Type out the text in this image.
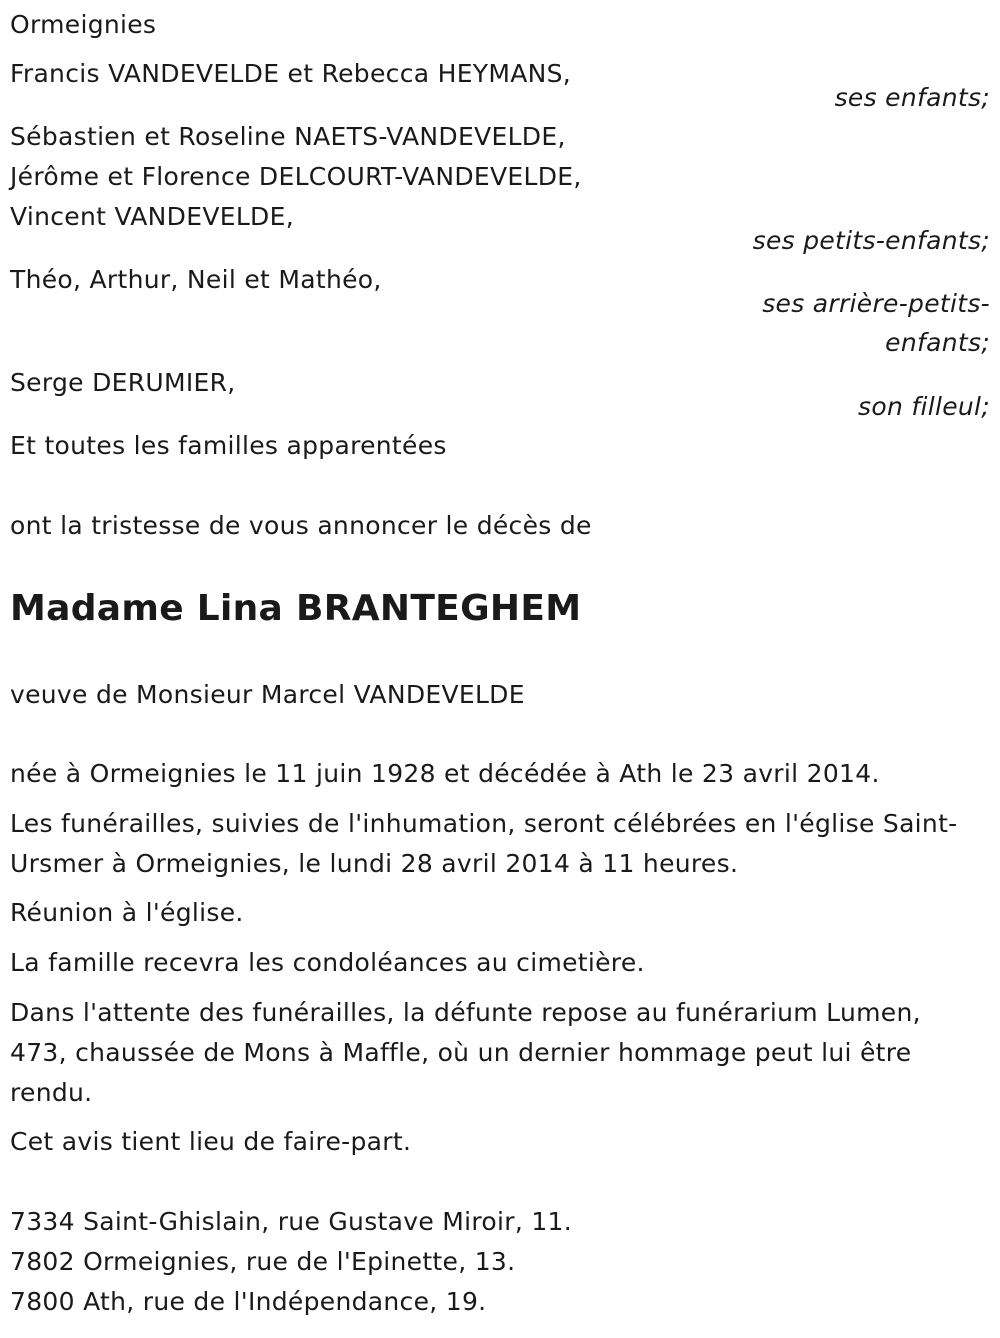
Ormeignies
Francis VANDEVELDE et Rebecca HEYMANS,
ses enfants;
Sébastien et Roseline NAETS-VANDEVELDE,
Jérôme et Florence DELCOURT-VANDEVELDE,
Vincent VANDEVELDE,
ses petits-enfants;
Théo, Arthur, Neil et Mathéo,
ses arrière-petits-
enfants;
Serge DERUMIER,
son filleul;
Et toutes les familles apparentées
ont la tristesse de vous annoncer le décès de
Madame Lina BRANTEGHEM
veuve de Monsieur Marcel VANDEVELDE
née à Ormeignies le 11 juin 1928 et décédée à Ath le 23 avril 2014.
Les funérailles, suivies de l'inhumation, seront célébrées en l'église Saint-
Ursmer à Ormeignies, le lundi 28 avril 2014 à 11 heures.
Réunion à l'église.
La famille recevra les condoléances au cimetière.
Dans l'attente des funérailles, la défunte repose au funérarium Lumen,
473, chaussée de Mons à Maffle, où un dernier hommage peut lui être
rendu.
Cet avis tient lieu de faire-part.
7334 Saint-Ghislain, rue Gustave Miroir, 11.
7802 Ormeignies, rue de l'Epinette, 13.
7800 Ath, rue de l'Indépendance, 19.
